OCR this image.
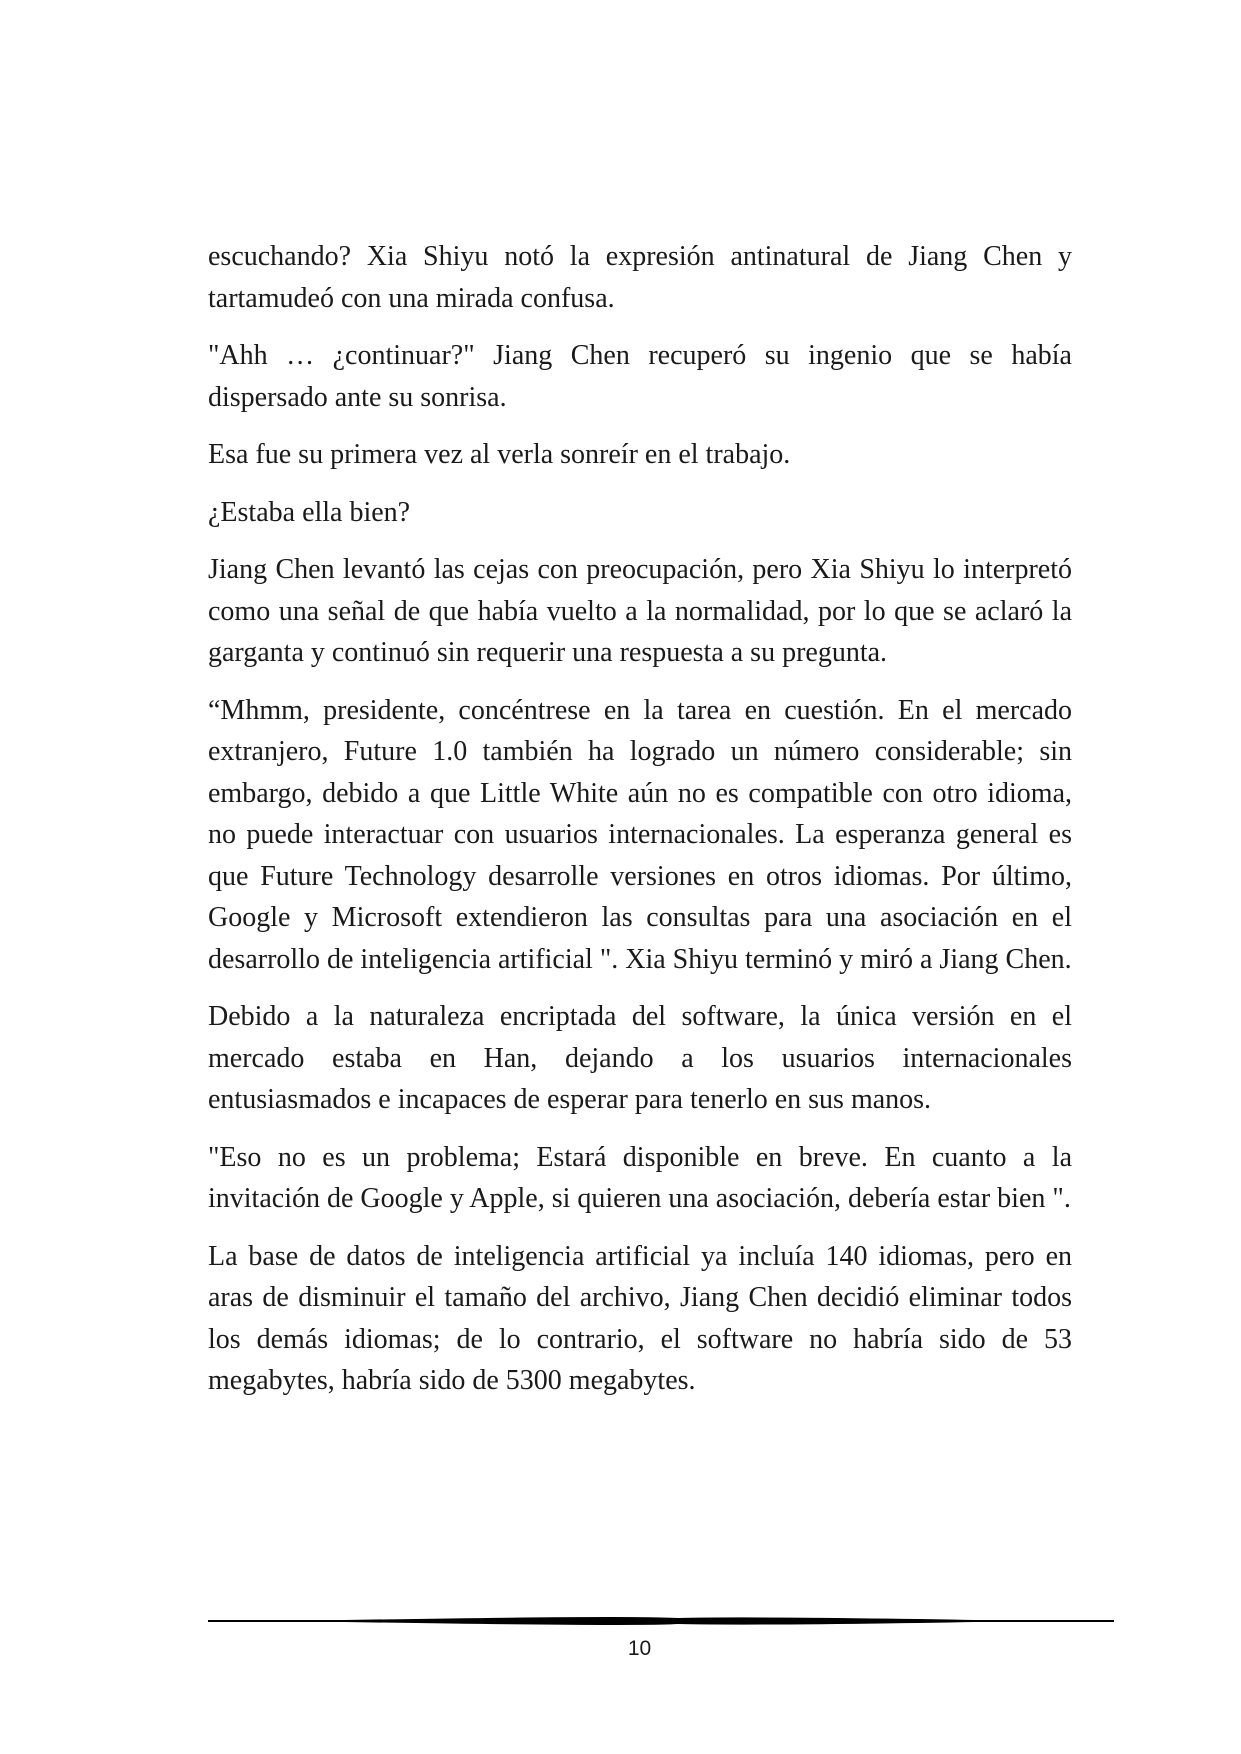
escuchando? Xia Shiyu notó la expresión antinatural de Jiang Chen y tartamudeó con una mirada confusa.

"Ahh … ¿continuar?" Jiang Chen recuperó su ingenio que se había dispersado ante su sonrisa.

Esa fue su primera vez al verla sonreír en el trabajo.

¿Estaba ella bien?

Jiang Chen levantó las cejas con preocupación, pero Xia Shiyu lo interpretó como una señal de que había vuelto a la normalidad, por lo que se aclaró la garganta y continuó sin requerir una respuesta a su pregunta.

“Mhmm, presidente, concéntrese en la tarea en cuestión. En el mercado extranjero, Future 1.0 también ha logrado un número considerable; sin embargo, debido a que Little White aún no es compatible con otro idioma, no puede interactuar con usuarios internacionales. La esperanza general es que Future Technology desarrolle versiones en otros idiomas. Por último, Google y Microsoft extendieron las consultas para una asociación en el desarrollo de inteligencia artificial ". Xia Shiyu terminó y miró a Jiang Chen.

Debido a la naturaleza encriptada del software, la única versión en el mercado estaba en Han, dejando a los usuarios internacionales entusiasmados e incapaces de esperar para tenerlo en sus manos.

"Eso no es un problema; Estará disponible en breve. En cuanto a la invitación de Google y Apple, si quieren una asociación, debería estar bien ".

La base de datos de inteligencia artificial ya incluía 140 idiomas, pero en aras de disminuir el tamaño del archivo, Jiang Chen decidió eliminar todos los demás idiomas; de lo contrario, el software no habría sido de 53 megabytes, habría sido de 5300 megabytes.

10
